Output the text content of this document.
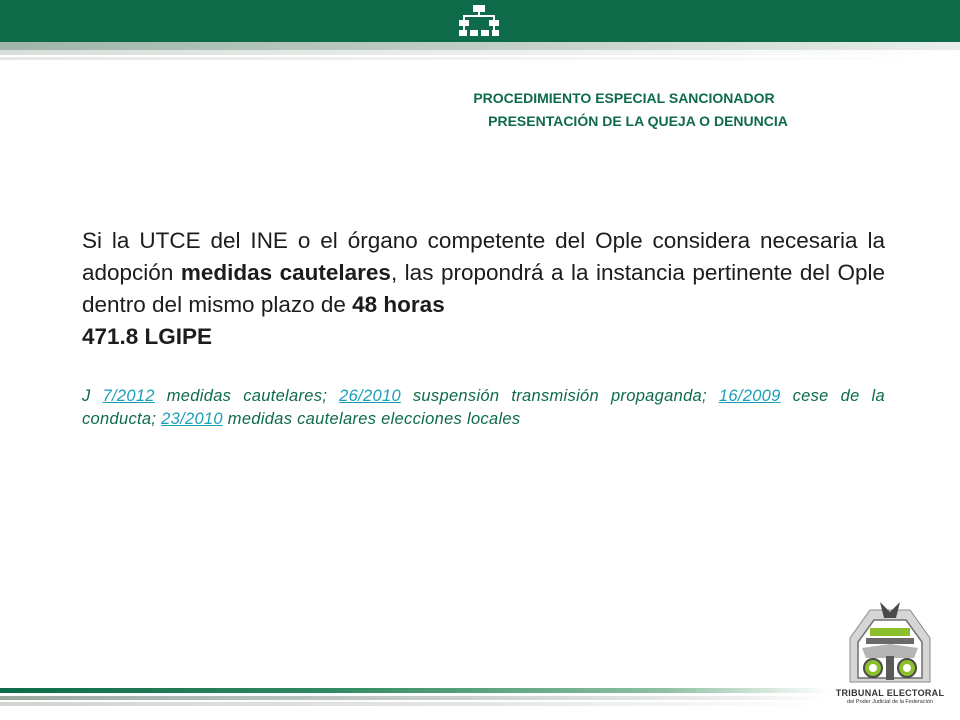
PROCEDIMIENTO ESPECIAL SANCIONADOR
PRESENTACIÓN DE LA QUEJA O DENUNCIA
Si la UTCE del INE o el órgano competente del Ople considera necesaria la adopción medidas cautelares, las propondrá a la instancia pertinente del Ople dentro del mismo plazo de 48 horas
471.8 LGIPE
J 7/2012 medidas cautelares; 26/2010 suspensión transmisión propaganda; 16/2009 cese de la conducta; 23/2010 medidas cautelares elecciones locales
TRIBUNAL ELECTORAL
del Poder Judicial de la Federación
